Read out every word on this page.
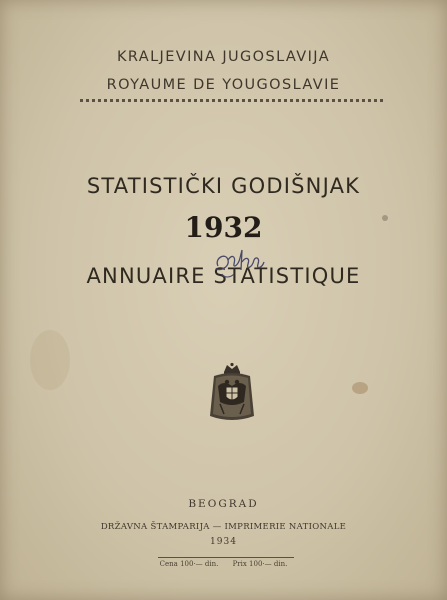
KRALJEVINA JUGOSLAVIJA
ROYAUME DE YOUGOSLAVIE
STATISTIČKI GODIŠNJAK
1932
ANNUAIRE STATISTIQUE
BEOGRAD
DRŽAVNA ŠTAMPARIJA — IMPRIMERIE NATIONALE
1934
Cena 100·— din. Prix 100·— din.
